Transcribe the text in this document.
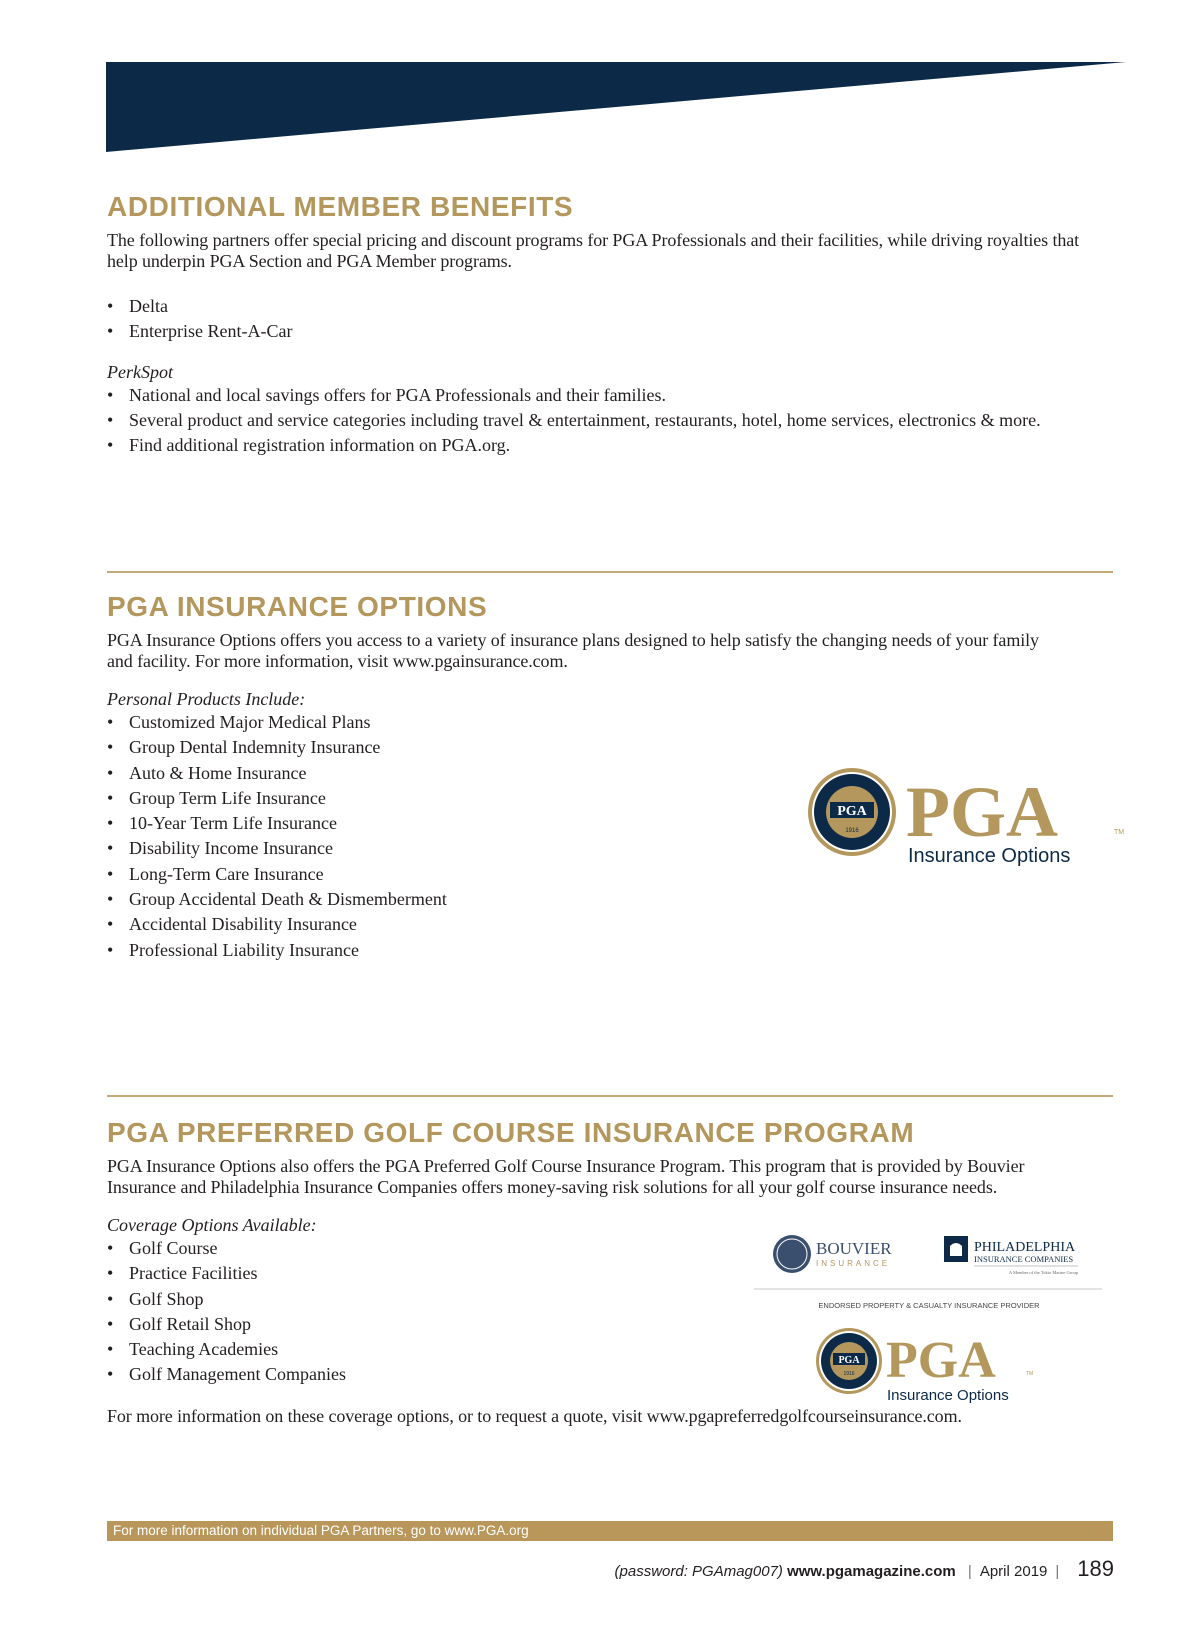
ADDITIONAL MEMBER BENEFITS

The following partners offer special pricing and discount programs for PGA Professionals and their facilities, while driving royalties that help underpin PGA Section and PGA Member programs.

• Delta
• Enterprise Rent-A-Car

PerkSpot

• National and local savings offers for PGA Professionals and their families.
• Several product and service categories including travel & entertainment, restaurants, hotel, home services, electronics & more.
• Find additional registration information on PGA.org.
PGA INSURANCE OPTIONS

PGA Insurance Options offers you access to a variety of insurance plans designed to help satisfy the changing needs of your family and facility. For more information, visit www.pgainsurance.com.

Personal Products Include:

• Customized Major Medical Plans
• Group Dental Indemnity Insurance
• Auto & Home Insurance
• Group Term Life Insurance
• 10-Year Term Life Insurance
• Disability Income Insurance
• Long-Term Care Insurance
• Group Accidental Death & Dismemberment
• Accidental Disability Insurance
• Professional Liability Insurance
PGA
1916 PGA	TM
Insurance Options
PGA PREFERRED GOLF COURSE INSURANCE PROGRAM

PGA Insurance Options also offers the PGA Preferred Golf Course Insurance Program. This program that is provided by Bouvier Insurance and Philadelphia Insurance Companies offers money-saving risk solutions for all your golf course insurance needs.

Coverage Options Available:

• Golf Course
• Practice Facilities
• Golf Shop
• Golf Retail Shop
• Teaching Academies
• Golf Management Companies

For more information on these coverage options, or to request a quote, visit www.pgapreferredgolfcourseinsurance.com.

BOUVIER
INSURANCE
PHILADELPHIA
INSURANCE COMPANIES
A Member of the Tokio Marine Group
ENDORSED PROPERTY & CASUALTY INSURANCE PROVIDER
PGA
1916 PGA	TM
Insurance Options
For more information on individual PGA Partners, go to www.PGA.org
(password: PGAmag007) www.pgamagazine.com | April 2019 | 189
